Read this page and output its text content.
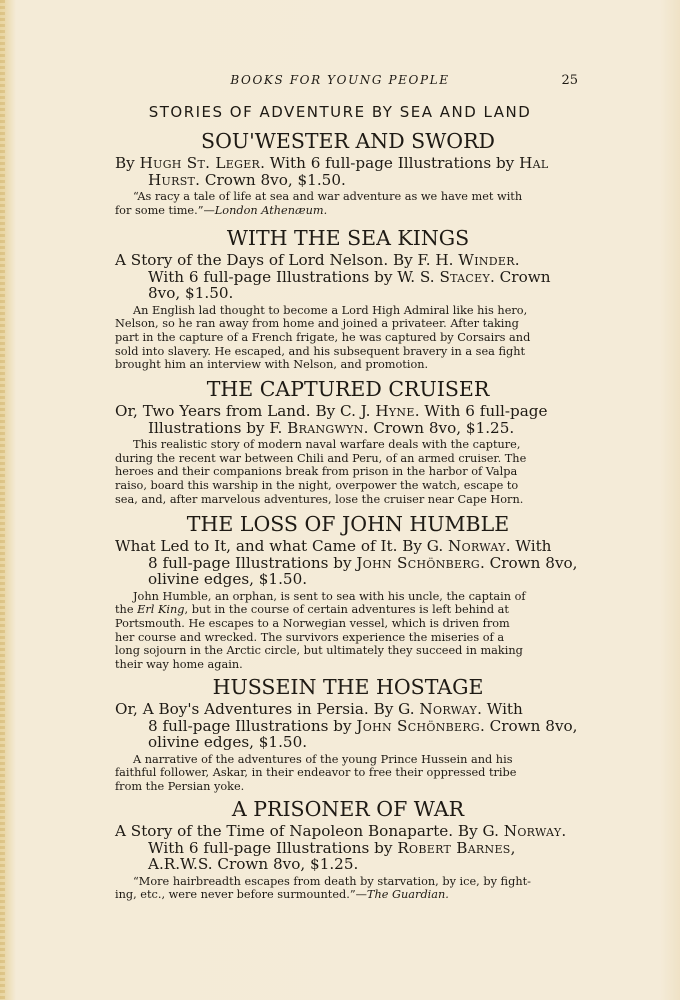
BOOKS FOR YOUNG PEOPLE	25
STORIES OF ADVENTURE BY SEA AND LAND
SOU'WESTER AND SWORD
By Hugh St. Leger. With 6 full-page Illustrations by Hal
Hurst. Crown 8vo, $1.50.
“As racy a tale of life at sea and war adventure as we have met with
for some time.”—London Athenæum.
WITH THE SEA KINGS
A Story of the Days of Lord Nelson. By F. H. Winder.
With 6 full-page Illustrations by W. S. Stacey. Crown
8vo, $1.50.
An English lad thought to become a Lord High Admiral like his hero,
Nelson, so he ran away from home and joined a privateer. After taking
part in the capture of a French frigate, he was captured by Corsairs and
sold into slavery. He escaped, and his subsequent bravery in a sea fight
brought him an interview with Nelson, and promotion.
THE CAPTURED CRUISER
Or, Two Years from Land. By C. J. Hyne. With 6 full-page
Illustrations by F. Brangwyn. Crown 8vo, $1.25.
This realistic story of modern naval warfare deals with the capture,
during the recent war between Chili and Peru, of an armed cruiser. The
heroes and their companions break from prison in the harbor of Valpa
raiso, board this warship in the night, overpower the watch, escape to
sea, and, after marvelous adventures, lose the cruiser near Cape Horn.
THE LOSS OF JOHN HUMBLE
What Led to It, and what Came of It. By G. Norway. With
8 full-page Illustrations by John Schönberg. Crown 8vo,
olivine edges, $1.50.
John Humble, an orphan, is sent to sea with his uncle, the captain of
the Erl King, but in the course of certain adventures is left behind at
Portsmouth. He escapes to a Norwegian vessel, which is driven from
her course and wrecked. The survivors experience the miseries of a
long sojourn in the Arctic circle, but ultimately they succeed in making
their way home again.
HUSSEIN THE HOSTAGE
Or, A Boy's Adventures in Persia. By G. Norway. With
8 full-page Illustrations by John Schönberg. Crown 8vo,
olivine edges, $1.50.
A narrative of the adventures of the young Prince Hussein and his
faithful follower, Askar, in their endeavor to free their oppressed tribe
from the Persian yoke.
A PRISONER OF WAR
A Story of the Time of Napoleon Bonaparte. By G. Norway.
With 6 full-page Illustrations by Robert Barnes,
A.R.W.S. Crown 8vo, $1.25.
“More hairbreadth escapes from death by starvation, by ice, by fight-
ing, etc., were never before surmounted.”—The Guardian.
